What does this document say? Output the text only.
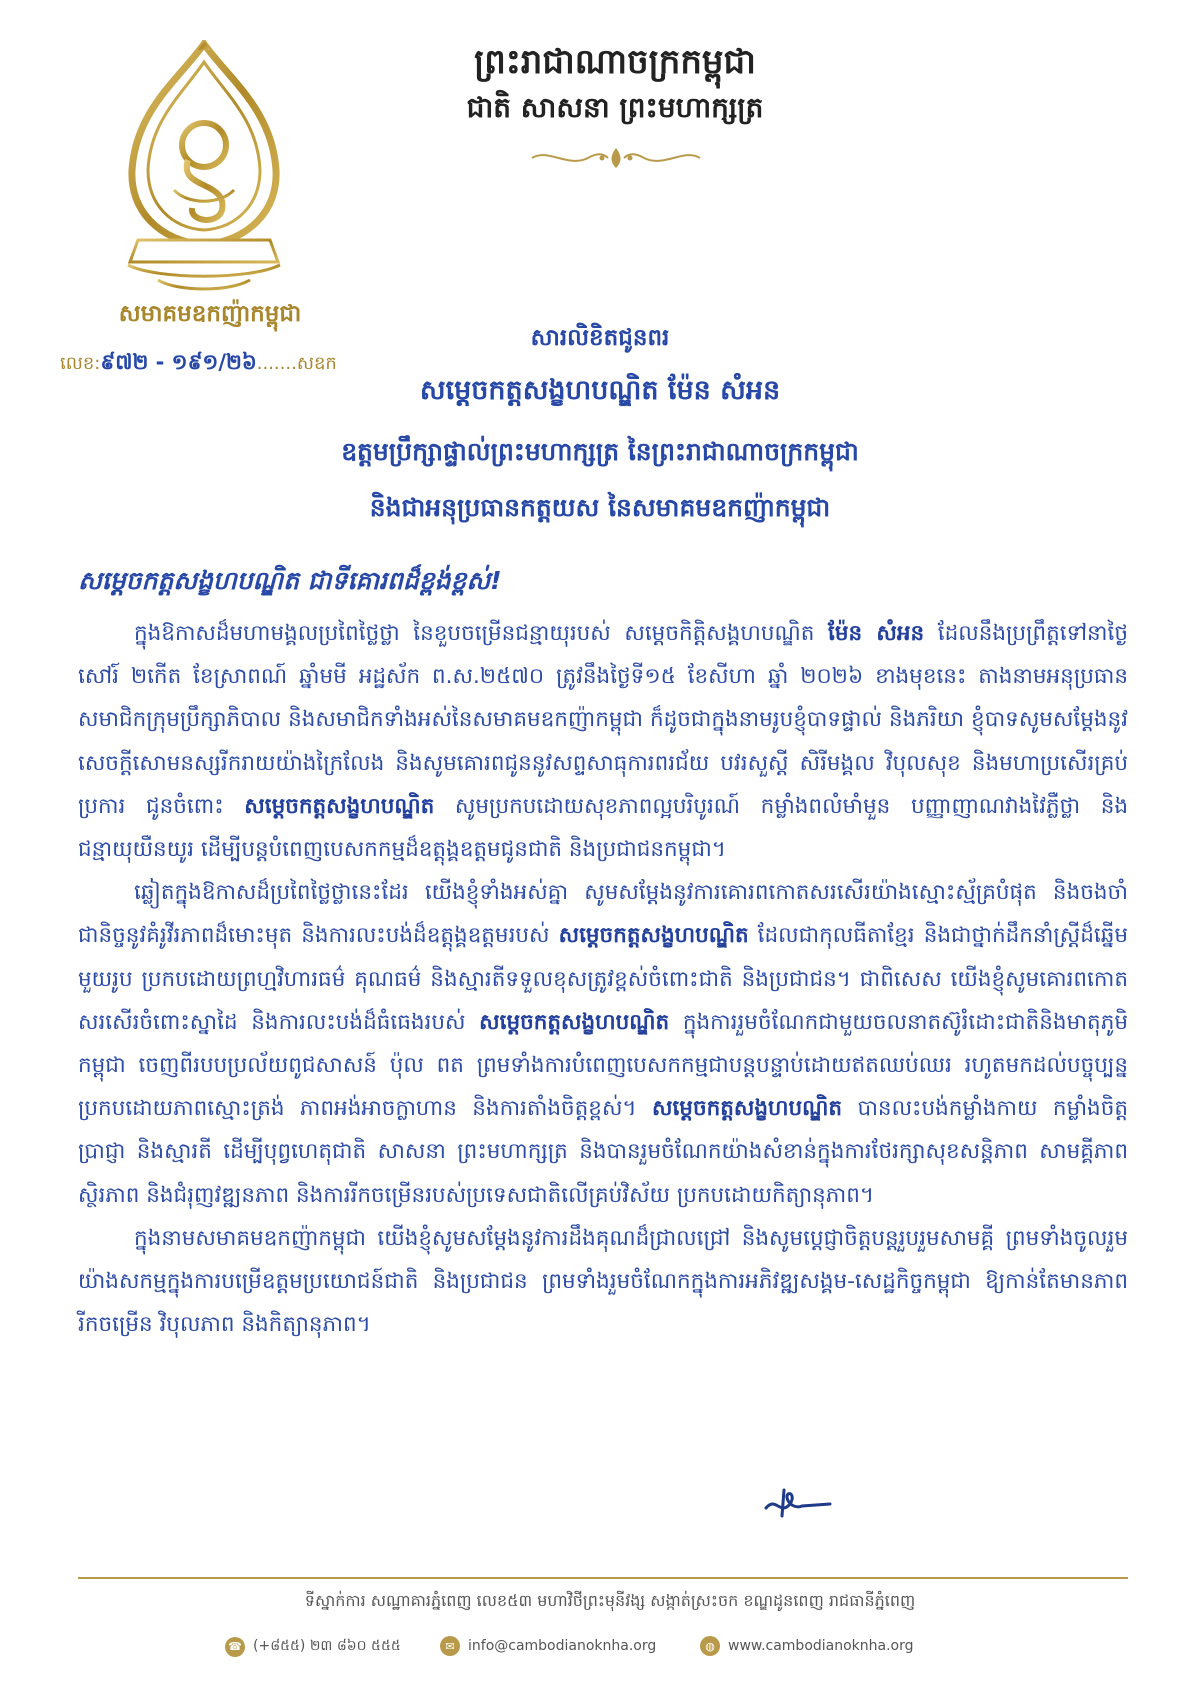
សមាគមឧកញ៉ាកម្ពុជា
លេខ:៩៧២ - ១៩១/២៦.......សឧក
ព្រះរាជាណាចក្រកម្ពុជា
ជាតិ សាសនា ព្រះមហាក្សត្រ
សារលិខិតជូនពរ
សម្តេចកត្តសង្ខហបណ្ឌិត ម៉ែន សំអន
ឧត្តមប្រឹក្សាផ្ទាល់ព្រះមហាក្សត្រ នៃព្រះរាជាណាចក្រកម្ពុជា
និងជាអនុប្រធានកត្តយស នៃសមាគមឧកញ៉ាកម្ពុជា
សម្តេចកត្តសង្ខហបណ្ឌិត ជាទីគោរពដ៏ខ្ពង់ខ្ពស់!

ក្នុងឱកាសដ៏មហាមង្គលប្រពៃថ្លៃថ្លា នៃខួបចម្រើនជន្មាយុរបស់ សម្តេចកិត្តិសង្គហបណ្ឌិត ម៉ែន សំអន ដែលនឹងប្រព្រឹត្តទៅនាថ្ងៃសៅរ៍ ២កើត ខែស្រាពណ៍ ឆ្នាំមមី អដ្ឋស័ក ព.ស.២៥៧០ ត្រូវនឹងថ្ងៃទី១៥ ខែសីហា ឆ្នាំ ២០២៦ ខាងមុខនេះ តាងនាមអនុប្រធាន សមាជិកក្រុមប្រឹក្សាភិបាល និងសមាជិកទាំងអស់នៃសមាគមឧកញ៉ាកម្ពុជា ក៏ដូចជាក្នុងនាមរូបខ្ញុំបាទផ្ទាល់ និងភរិយា ខ្ញុំបាទសូមសម្តែងនូវសេចក្តីសោមនស្សរីករាយយ៉ាងក្រៃលែង និងសូមគោរពជូននូវសព្ទសាធុការពរជ័យ បវរសួស្តី សិរីមង្គល វិបុលសុខ និងមហាប្រសើរគ្រប់ប្រការ ជូនចំពោះ សម្តេចកត្តសង្ខហបណ្ឌិត សូមប្រកបដោយសុខភាពល្អបរិបូរណ៍ កម្លាំងពលំមាំមួន បញ្ញាញាណវាងវៃភ្លឺថ្លា និងជន្មាយុយឺនយូរ ដើម្បីបន្តបំពេញបេសកកម្មដ៏ឧត្តុង្គឧត្តមជូនជាតិ និងប្រជាជនកម្ពុជា។

ឆ្លៀតក្នុងឱកាសដ៏ប្រពៃថ្លៃថ្លានេះដែរ យើងខ្ញុំទាំងអស់គ្នា សូមសម្តែងនូវការគោរពកោតសរសើរយ៉ាងស្មោះស្ម័គ្របំផុត និងចងចាំជានិច្ចនូវគំរូវីរភាពដ៏មោះមុត និងការលះបង់ដ៏ឧត្តុង្គឧត្តមរបស់ សម្តេចកត្តសង្ខហបណ្ឌិត ដែលជាកុលធីតាខ្មែរ និងជាថ្នាក់ដឹកនាំស្ត្រីដ៏ឆ្នើមមួយរូប ប្រកបដោយព្រហ្មវិហារធម៌ គុណធម៌ និងស្មារតីទទួលខុសត្រូវខ្ពស់ចំពោះជាតិ និងប្រជាជន។ ជាពិសេស យើងខ្ញុំសូមគោរពកោតសរសើរចំពោះស្នាដៃ និងការលះបង់ដ៏ធំធេងរបស់ សម្តេចកត្តសង្ខហបណ្ឌិត ក្នុងការរួមចំណែកជាមួយចលនាតស៊ូរំដោះជាតិនិងមាតុភូមិកម្ពុជា ចេញពីរបបប្រល័យពូជសាសន៍ ប៉ុល ពត ព្រមទាំងការបំពេញបេសកកម្មជាបន្តបន្ទាប់ដោយឥតឈប់ឈរ រហូតមកដល់បច្ចុប្បន្ន ប្រកបដោយភាពស្មោះត្រង់ ភាពអង់អាចក្លាហាន និងការតាំងចិត្តខ្ពស់។ សម្តេចកត្តសង្ខហបណ្ឌិត បានលះបង់កម្លាំងកាយ កម្លាំងចិត្ត ប្រាជ្ញា និងស្មារតី ដើម្បីបុព្វហេតុជាតិ សាសនា ព្រះមហាក្សត្រ និងបានរួមចំណែកយ៉ាងសំខាន់ក្នុងការថែរក្សាសុខសន្តិភាព សាមគ្គីភាព ស្ថិរភាព និងជំរុញវឌ្ឍនភាព និងការរីកចម្រើនរបស់ប្រទេសជាតិលើគ្រប់វិស័យ ប្រកបដោយកិត្យានុភាព។

ក្នុងនាមសមាគមឧកញ៉ាកម្ពុជា យើងខ្ញុំសូមសម្តែងនូវការដឹងគុណដ៏ជ្រាលជ្រៅ និងសូមប្តេជ្ញាចិត្តបន្តរួបរួមសាមគ្គី ព្រមទាំងចូលរួមយ៉ាងសកម្មក្នុងការបម្រើឧត្តមប្រយោជន៍ជាតិ និងប្រជាជន ព្រមទាំងរួមចំណែកក្នុងការអភិវឌ្ឍសង្គម-សេដ្ឋកិច្ចកម្ពុជា ឱ្យកាន់តែមានភាពរីកចម្រើន វិបុលភាព និងកិត្យានុភាព។

ទីស្នាក់ការ សណ្ឋាគារភ្នំពេញ លេខ៥៣ មហាវិថីព្រះមុនីវង្ស សង្កាត់ស្រះចក ខណ្ឌដូនពេញ រាជធានីភ្នំពេញ
☎ (+៨៥៥) ២៣ ៨៦០ ៥៥៥	✉ info@cambodianoknha.org	◍ www.cambodianoknha.org
